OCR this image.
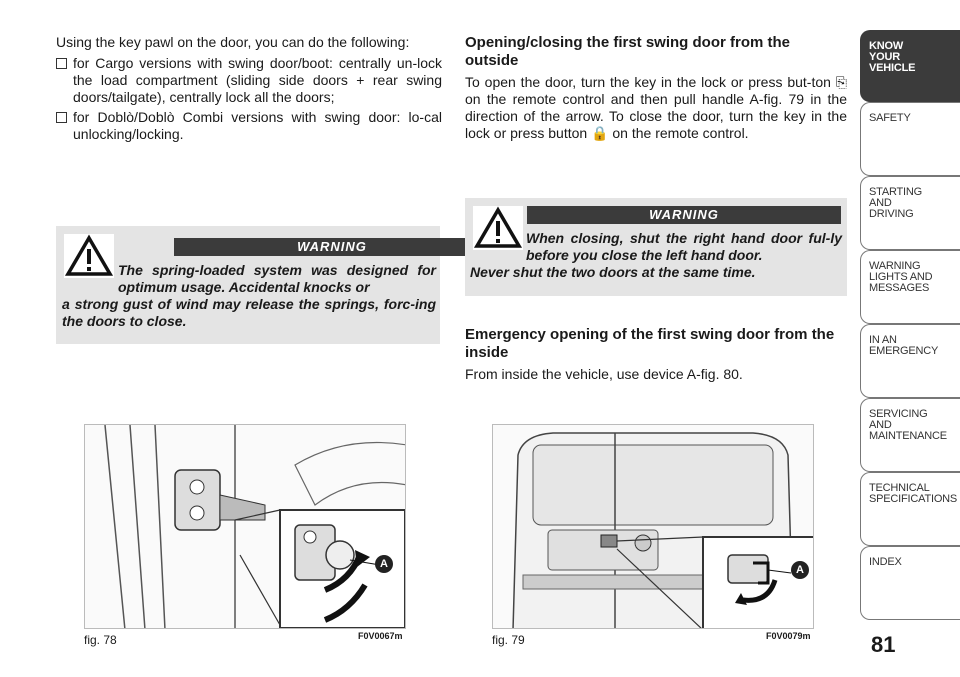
Using the key pawl on the door, you can do the following:

for Cargo versions with swing door/boot: centrally un-lock the load compartment (sliding side doors + rear swing doors/tailgate), centrally lock all the doors;
for Doblò/Doblò Combi versions with swing door: lo-cal unlocking/locking.
WARNING
The spring-loaded system was designed for optimum usage. Accidental knocks or
a strong gust of wind may release the springs, forc-ing the doors to close.
Opening/closing the first swing door from the outside

To open the door, turn the key in the lock or press but-ton ⎘ on the remote control and then pull handle A-fig. 79 in the direction of the arrow. To close the door, turn the key in the lock or press button 🔒 on the remote control.

WARNING
When closing, shut the right hand door ful-ly before you close the left hand door.
Never shut the two doors at the same time.
Emergency opening of the first swing door from the inside

From inside the vehicle, use device A-fig. 80.

A
fig. 78	F0V0067m
A
fig. 79	F0V0079m
KNOW
YOUR
VEHICLE
SAFETY
STARTING
AND
DRIVING
WARNING
LIGHTS AND
MESSAGES
IN AN
EMERGENCY
SERVICING
AND
MAINTENANCE
TECHNICAL
SPECIFICATIONS
INDEX
81
